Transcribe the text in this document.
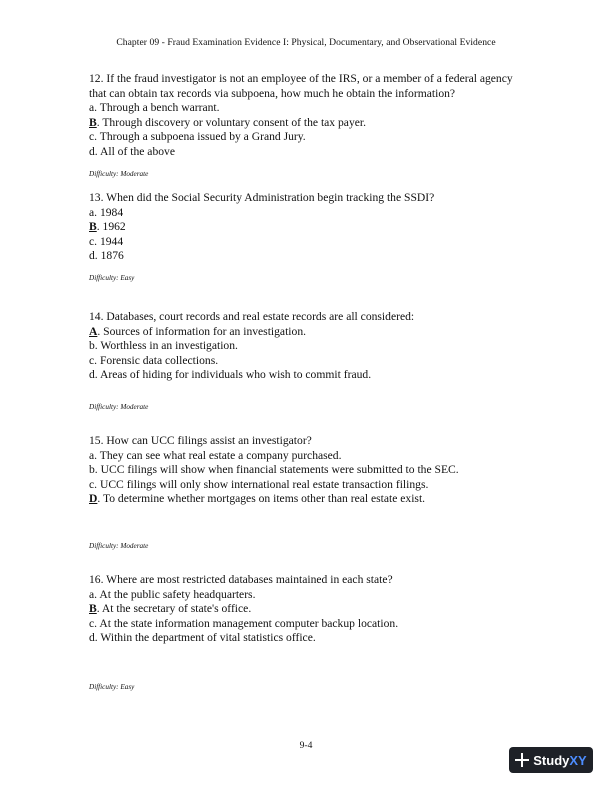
Chapter 09 - Fraud Examination Evidence I: Physical, Documentary, and Observational Evidence
12. If the fraud investigator is not an employee of the IRS, or a member of a federal agency that can obtain tax records via subpoena, how much he obtain the information?
a. Through a bench warrant.
B. Through discovery or voluntary consent of the tax payer.
c. Through a subpoena issued by a Grand Jury.
d. All of the above
Difficulty: Moderate
13. When did the Social Security Administration begin tracking the SSDI?
a. 1984
B. 1962
c. 1944
d. 1876
Difficulty: Easy
14. Databases, court records and real estate records are all considered:
A. Sources of information for an investigation.
b. Worthless in an investigation.
c. Forensic data collections.
d. Areas of hiding for individuals who wish to commit fraud.
Difficulty: Moderate
15. How can UCC filings assist an investigator?
a. They can see what real estate a company purchased.
b. UCC filings will show when financial statements were submitted to the SEC.
c. UCC filings will only show international real estate transaction filings.
D. To determine whether mortgages on items other than real estate exist.
Difficulty: Moderate
16. Where are most restricted databases maintained in each state?
a. At the public safety headquarters.
B. At the secretary of state's office.
c. At the state information management computer backup location.
d. Within the department of vital statistics office.
Difficulty: Easy
9-4
StudyXY
